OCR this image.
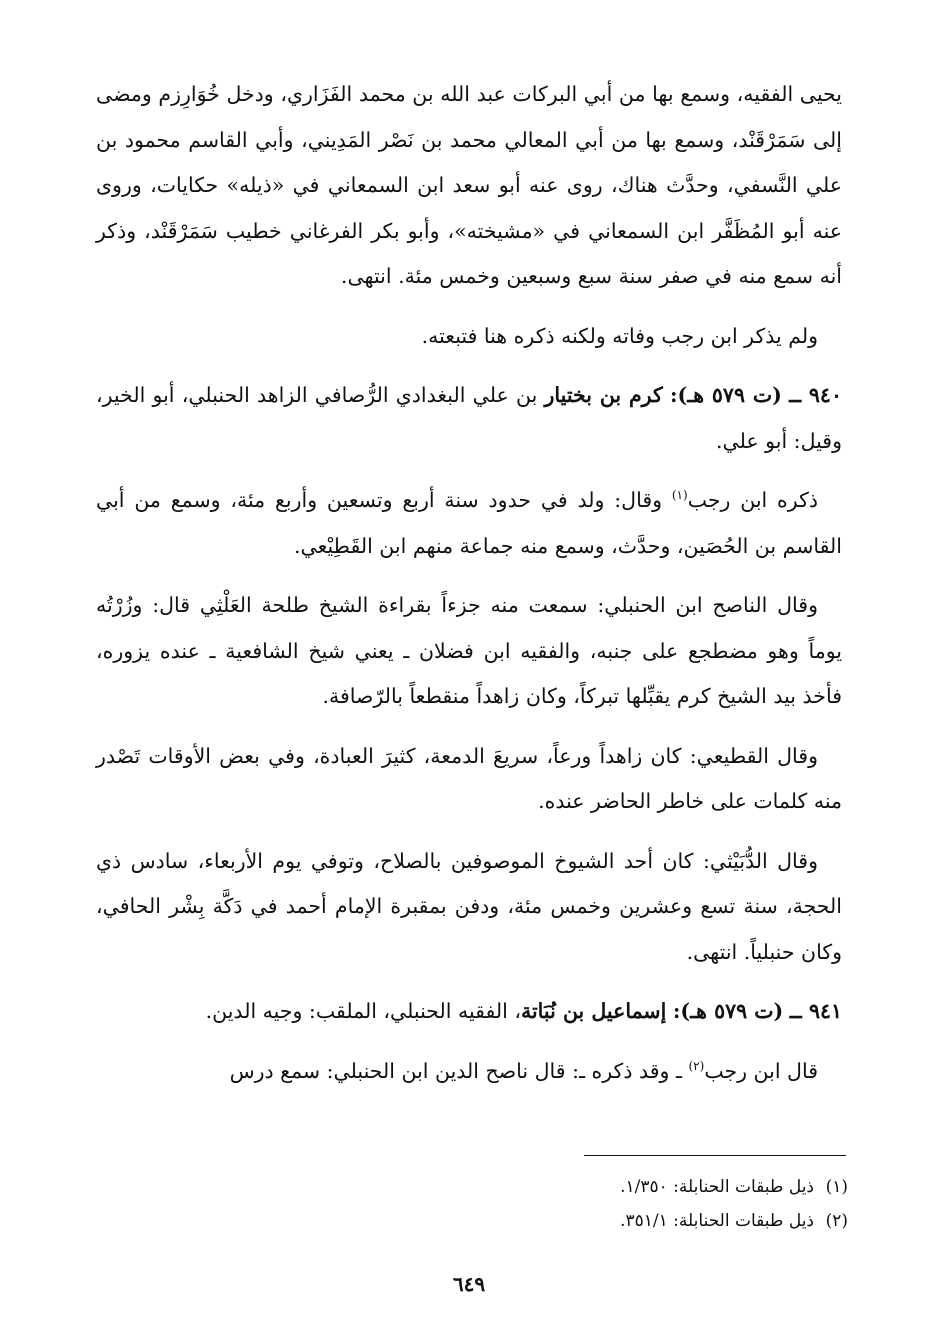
يحيى الفقيه، وسمع بها من أبي البركات عبد الله بن محمد الفَزَاري، ودخل خُوَارِزم ومضى إلى سَمَرْقَنْد، وسمع بها من أبي المعالي محمد بن نَصْر المَدِيني، وأبي القاسم محمود بن علي النَّسفي، وحدَّث هناك، روى عنه أبو سعد ابن السمعاني في «ذيله» حكايات، وروى عنه أبو المُظَفَّر ابن السمعاني في «مشيخته»، وأبو بكر الفرغاني خطيب سَمَرْقَنْد، وذكر أنه سمع منه في صفر سنة سبع وسبعين وخمس مئة. انتهى.

ولم يذكر ابن رجب وفاته ولكنه ذكره هنا فتبعته.

٩٤٠ ــ (ت ٥٧٩ هـ): كرم بن بختيار بن علي البغدادي الرُّصافي الزاهد الحنبلي، أبو الخير، وقيل: أبو علي.

ذكره ابن رجب$^{(١)}$ وقال: ولد في حدود سنة أربع وتسعين وأربع مئة، وسمع من أبي القاسم بن الحُصَين، وحدَّث، وسمع منه جماعة منهم ابن القَطِيْعي.

وقال الناصح ابن الحنبلي: سمعت منه جزءاً بقراءة الشيخ طلحة العَلْثِي قال: وزُرْتُه يوماً وهو مضطجع على جنبه، والفقيه ابن فضلان ـ يعني شيخ الشافعية ـ عنده يزوره، فأخذ بيد الشيخ كرم يقبِّلها تبركاً، وكان زاهداً منقطعاً بالرّصافة.

وقال القطيعي: كان زاهداً ورعاً، سريعَ الدمعة، كثيرَ العبادة، وفي بعض الأوقات تَصْدر منه كلمات على خاطر الحاضر عنده.

وقال الدُّبَيْثي: كان أحد الشيوخ الموصوفين بالصلاح، وتوفي يوم الأربعاء، سادس ذي الحجة، سنة تسع وعشرين وخمس مئة، ودفن بمقبرة الإمام أحمد في دَكَّة بِشْر الحافي، وكان حنبلياً. انتهى.

٩٤١ ــ (ت ٥٧٩ هـ): إسماعيل بن نُبَاتة، الفقيه الحنبلي، الملقب: وجيه الدين.

قال ابن رجب$^{(٢)}$ ـ وقد ذكره ـ: قال ناصح الدين ابن الحنبلي: سمع درس

(١)
ذيل طبقات الحنابلة: ١/٣٥٠.
(٢)
ذيل طبقات الحنابلة: ٣٥١/١.
٦٤٩
